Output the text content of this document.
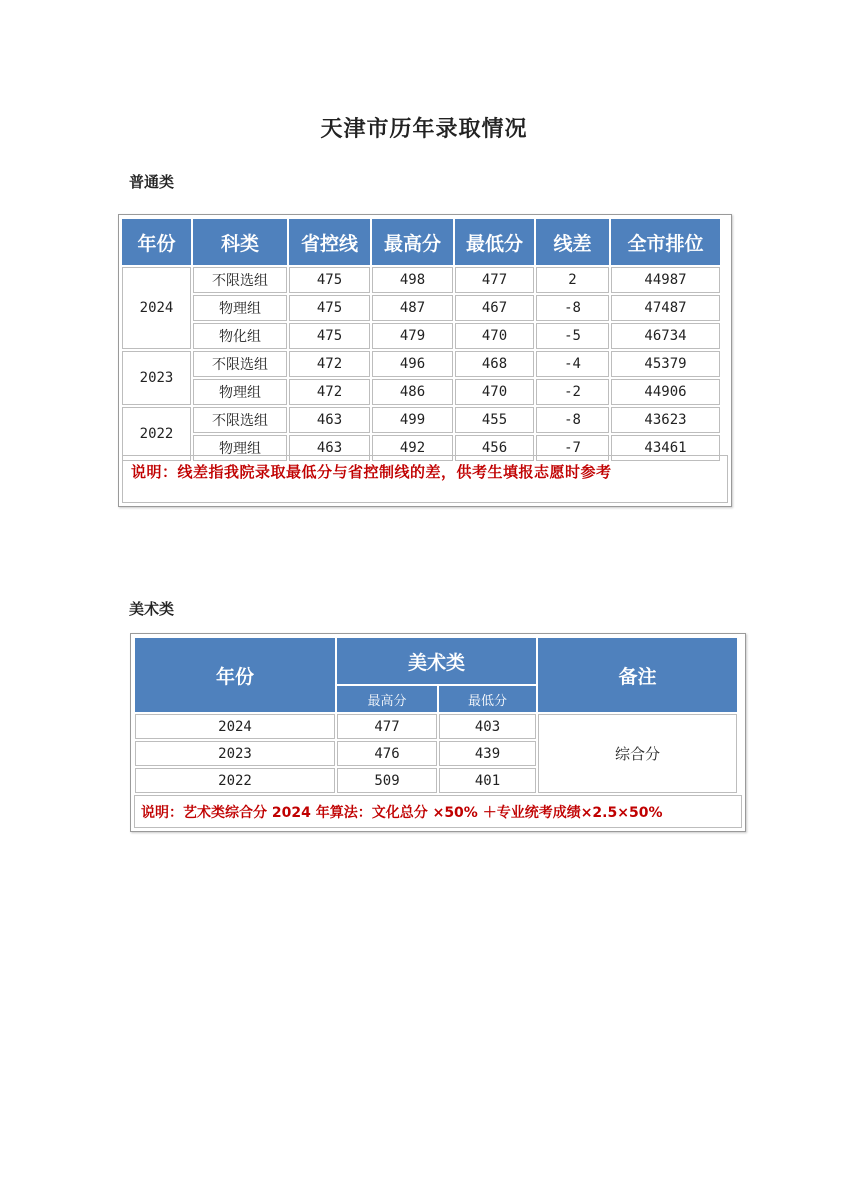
天津市历年录取情况
普通类
年份	科类	省控线	最高分	最低分	线差	全市排位
2024	不限选组	475	498	477	2	44987
	物理组	475	487	467	-8	47487
	物化组	475	479	470	-5	46734
2023	不限选组	472	496	468	-4	45379
	物理组	472	486	470	-2	44906
2022	不限选组	463	499	455	-8	43623
	物理组	463	492	456	-7	43461
说明：线差指我院录取最低分与省控制线的差，供考生填报志愿时参考
美术类
年份	美术类		备注
	最高分	最低分	
2024	477	403	综合分
2023	476	439	
2022	509	401	
说明：艺术类综合分 2024 年算法：文化总分 ×50% ＋专业统考成绩×2.5×50%
